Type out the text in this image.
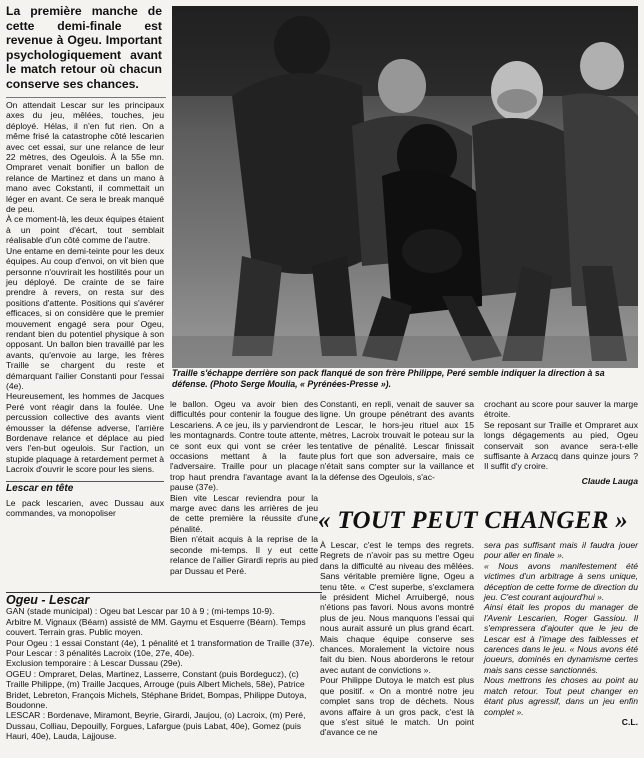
La première manche de cette demi-finale est revenue à Ogeu. Important psychologiquement avant le match retour où chacun conserve ses chances.

On attendait Lescar sur les principaux axes du jeu, mêlées, touches, jeu déployé. Hélas, il n'en fut rien. On a même frisé la catastrophe côté lescarien avec cet essai, sur une relance de leur 22 mètres, des Ogeulois. À la 55e mn. Ompraret venait bonifier un ballon de relance de Martinez et dans un mano à mano avec Cokstanti, il commettait un léger en avant. Ce sera le break manqué de peu.

À ce moment-là, les deux équipes étaient à un point d'écart, tout semblait réalisable d'un côté comme de l'autre.

Une entame en demi-teinte pour les deux équipes. Au coup d'envoi, on vit bien que personne n'ouvrirait les hostilités pour un jeu déployé. De crainte de se faire prendre à revers, on resta sur des positions d'attente. Positions qui s'avérer efficaces, si on considère que le premier mouvement engagé sera pour Ogeu, rendant bien du potentiel physique à son opposant. Un ballon bien travaillé par les avants, qu'envoie au large, les frères Traille se chargent du reste et démarquant l'ailier Constanti pour l'essai (4e).

Heureusement, les hommes de Jacques Peré vont réagir dans la foulée. Une percussion collective des avants vient émousser la défense adverse, l'arrière Bordenave relance et déplace au pied vers l'en-but ogeulois. Sur l'action, un stupide plaquage à retardement permet à Lacroix d'ouvrir le score pour les siens.

Lescar en tête

Le pack lescarien, avec Dussau aux commandes, va monopoliser

Traille s'échappe derrière son pack flanqué de son frère Philippe, Peré semble indiquer la direction à sa défense. (Photo Serge Moulia, « Pyrénées-Presse »).

le ballon. Ogeu va avoir bien des difficultés pour contenir la fougue des Lescariens. A ce jeu, ils y parviendront les montagnards. Contre toute attente, ce sont eux qui vont se créer les occasions mettant à la faute l'adversaire. Traille pour un placage trop haut prendra l'avantage avant la pause (37e).

Bien vite Lescar reviendra pour la marge avec dans les arrières de jeu de cette première la réussite d'une pénalité.

Bien n'était acquis à la reprise de la seconde mi-temps. Il y eut cette relance de l'ailier Girardi repris au pied par Dussau et Peré.

Constanti, en repli, venait de sauver sa ligne. Un groupe pénétrant des avants de Lescar, le hors-jeu rituel aux 15 mètres, Lacroix trouvait le poteau sur la tentative de pénalité. Lescar finissait plus fort que son adversaire, mais ce n'était sans compter sur la vaillance et la défense des Ogeulois, s'ac-

crochant au score pour sauver la marge étroite.

Se reposant sur Traille et Ompraret aux longs dégagements au pied, Ogeu conservait son avance sera-t-elle suffisante à Arzacq dans quinze jours ? Il suffit d'y croire.

Claude Lauga
« TOUT PEUT CHANGER »

À Lescar, c'est le temps des regrets. Regrets de n'avoir pas su mettre Ogeu dans la difficulté au niveau des mêlées. Sans véritable première ligne, Ogeu a tenu tête. « C'est superbe, s'exclamera le président Michel Arruibergé, nous n'étions pas favori. Nous avons montré plus de jeu. Nous manquons l'essai qui nous aurait assuré un plus grand écart. Mais chaque équipe conserve ses chances. Moralement la victoire nous fait du bien. Nous aborderons le retour avec autant de convictions ».

Pour Philippe Dutoya le match est plus que positif. « On a montré notre jeu complet sans trop de déchets. Nous avons affaire à un gros pack, c'est là que s'est situé le match. Un point d'avance ce ne

sera pas suffisant mais il faudra jouer pour aller en finale ».

« Nous avons manifestement été victimes d'un arbitrage à sens unique, déception de cette forme de direction du jeu. C'est courant aujourd'hui ».

Ainsi était les propos du manager de l'Avenir Lescarien, Roger Gassiou. Il s'empressera d'ajouter que le jeu de Lescar est à l'image des faiblesses et carences dans le jeu. « Nous avons été joueurs, dominés en dynamisme certes mais sans cesse sanctionnés.

Nous mettrons les choses au point au match retour. Tout peut changer en étant plus agressif, dans un jeu enfin complet ».

C.L.
Ogeu - Lescar

GAN (stade municipal) : Ogeu bat Lescar par 10 à 9 ; (mi-temps 10-9).

Arbitre M. Vignaux (Béarn) assisté de MM. Gaymu et Esquerre (Béarn). Temps couvert. Terrain gras. Public moyen.

Pour Ogeu : 1 essai Constant (4e), 1 pénalité et 1 transformation de Traille (37e).

Pour Lescar : 3 pénalités Lacroix (10e, 27e, 40e).

Exclusion temporaire : à Lescar Dussau (29e).

OGEU : Ompraret, Delas, Martinez, Lasserre, Constant (puis Bordegucz), (c) Traille Philippe, (m) Traille Jacques, Arrouge (puis Albert Michels, 58e), Patrice Bridet, Lebreton, François Michels, Stéphane Bridet, Bompas, Philippe Dutoya, Boudonne.

LESCAR : Bordenave, Miramont, Beyrie, Girardi, Jaujou, (o) Lacroix, (m) Peré, Dussau, Colliau, Depouilly, Forgues, Lafargue (puis Labat, 40e), Gomez (puis Hauri, 40e), Lauda, Lajjouse.
